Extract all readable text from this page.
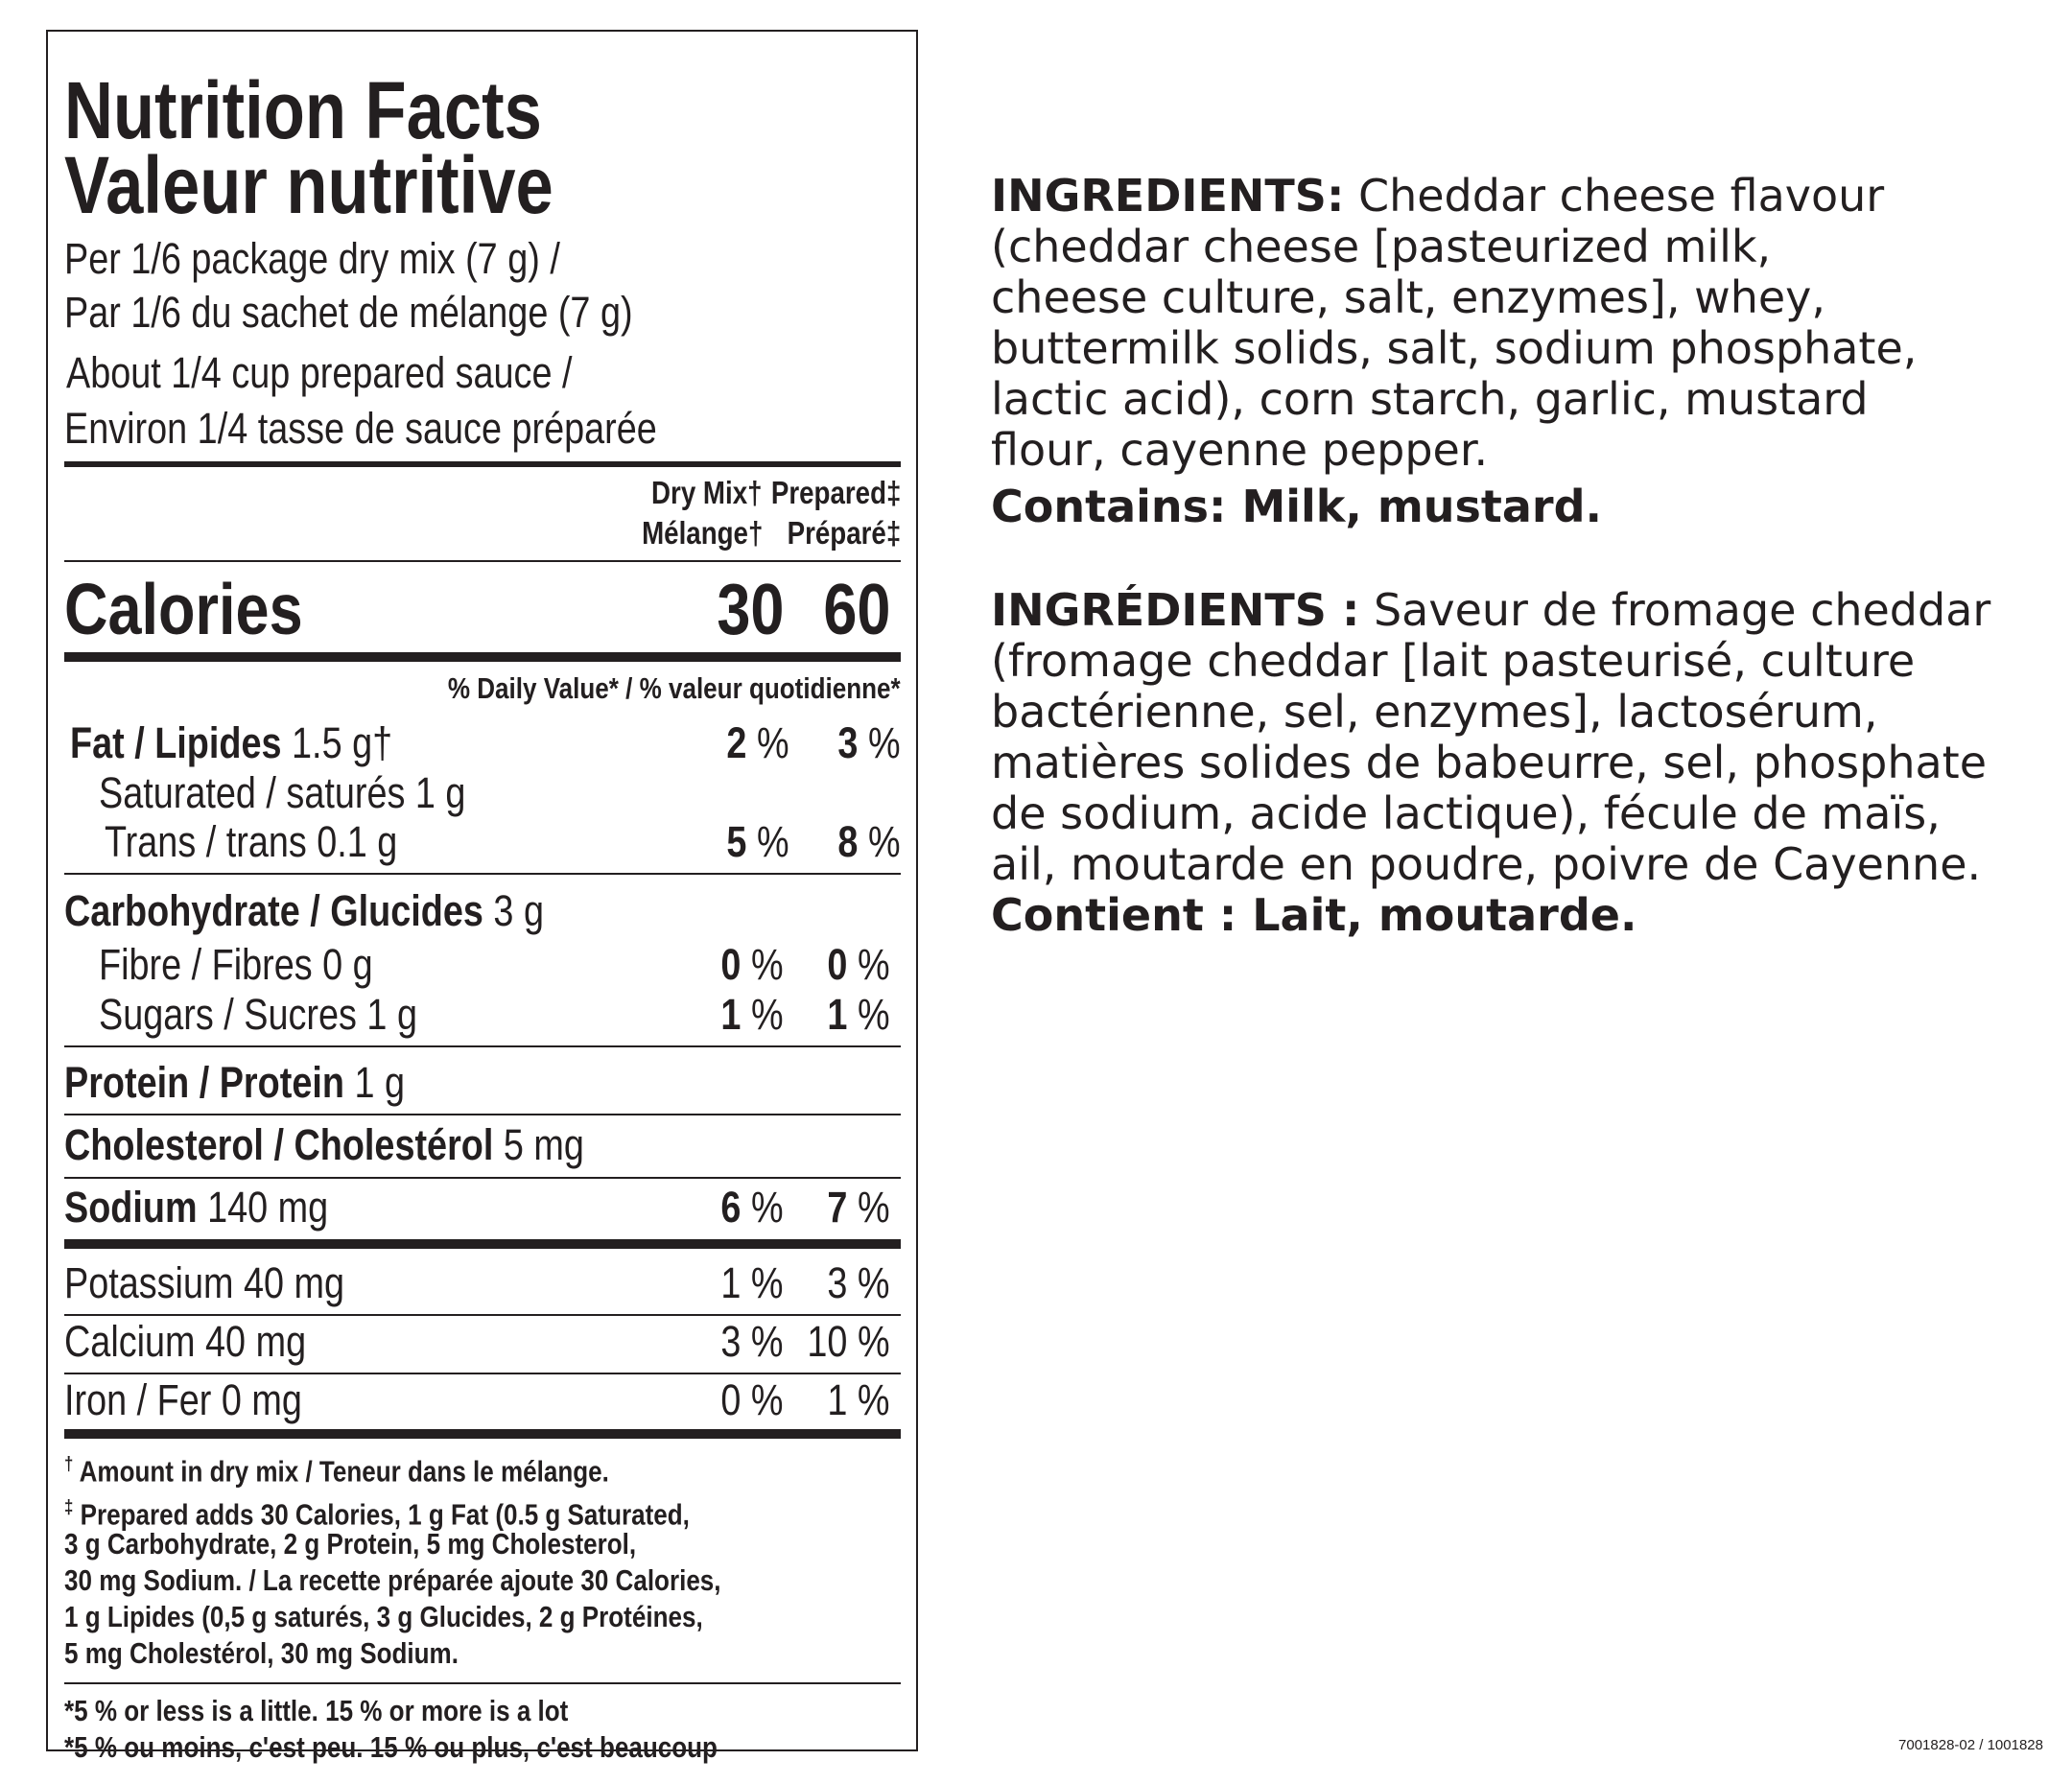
Nutrition Facts
Valeur nutritive
Per 1/6 package dry mix (7 g) /
Par 1/6 du sachet de mélange (7 g)
About 1/4 cup prepared sauce /
Environ 1/4 tasse de sauce préparée
Dry Mix†
Mélange†
Prepared‡
Préparé‡
Calories	30 60
% Daily Value* / % valeur quotidienne*
Fat / Lipides 1.5 g†	2 %	3 %
Saturated / saturés 1 g
Trans / trans 0.1 g	5 %	8 %
Carbohydrate / Glucides 3 g
Fibre / Fibres 0 g	0 %	0 %
Sugars / Sucres 1 g	1 %	1 %
Protein / Protein 1 g
Cholesterol / Cholestérol 5 mg
Sodium 140 mg	6 %	7 %
Potassium 40 mg	1 %	3 %
Calcium 40 mg	3 % 10 %
Iron / Fer 0 mg	0 %	1 %
† Amount in dry mix / Teneur dans le mélange.
‡ Prepared adds 30 Calories, 1 g Fat (0.5 g Saturated,
3 g Carbohydrate, 2 g Protein, 5 mg Cholesterol,
30 mg Sodium. / La recette préparée ajoute 30 Calories,
1 g Lipides (0,5 g saturés, 3 g Glucides, 2 g Protéines,
5 mg Cholestérol, 30 mg Sodium.
*5 % or less is a little. 15 % or more is a lot
*5 % ou moins, c'est peu. 15 % ou plus, c'est beaucoup
INGREDIENTS: Cheddar cheese flavour
(cheddar cheese [pasteurized milk,
cheese culture, salt, enzymes], whey,
buttermilk solids, salt, sodium phosphate,
lactic acid), corn starch, garlic, mustard
flour, cayenne pepper.
Contains: Milk, mustard.
INGRÉDIENTS : Saveur de fromage cheddar
(fromage cheddar [lait pasteurisé, culture
bactérienne, sel, enzymes], lactosérum,
matières solides de babeurre, sel, phosphate
de sodium, acide lactique), fécule de maïs,
ail, moutarde en poudre, poivre de Cayenne.
Contient : Lait, moutarde.
7001828-02 / 1001828
